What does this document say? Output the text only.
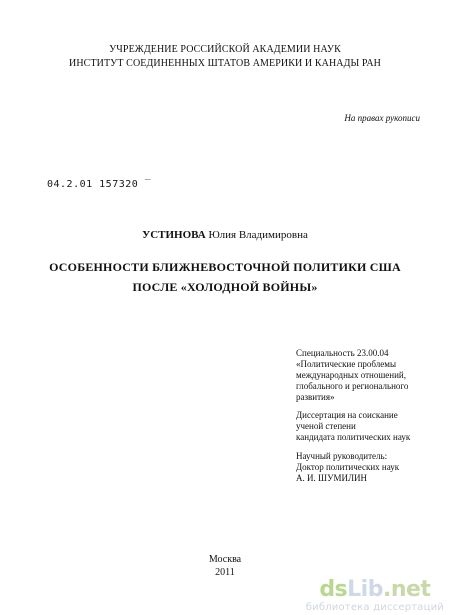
УЧРЕЖДЕНИЕ РОССИЙСКОЙ АКАДЕМИИ НАУК
ИНСТИТУТ СОЕДИНЕННЫХ ШТАТОВ АМЕРИКИ И КАНАДЫ РАН
На правах рукописи
04.2.01 157320 ‾
УСТИНОВА Юлия Владимировна
ОСОБЕННОСТИ БЛИЖНЕВОСТОЧНОЙ ПОЛИТИКИ США
ПОСЛЕ «ХОЛОДНОЙ ВОЙНЫ»
Специальность 23.00.04
«Политические проблемы
международных отношений,
глобального и регионального
развития»
Диссертация на соискание
ученой степени
кандидата политических наук
Научный руководитель:
Доктор политических наук
А. И. ШУМИЛИН
Москва
2011
ds Lib .net
библиотека диссертаций
